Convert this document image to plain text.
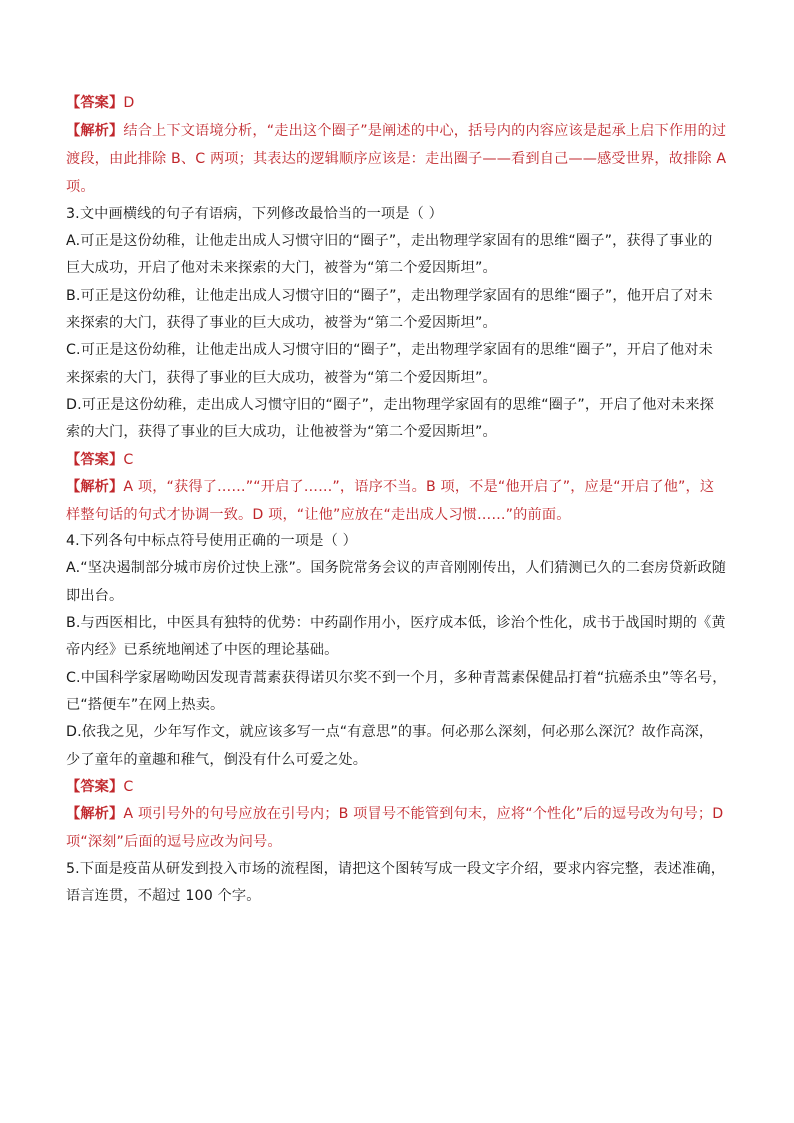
【答案】D
【解析】结合上下文语境分析，“走出这个圈子”是阐述的中心，括号内的内容应该是起承上启下作用的过
渡段，由此排除 B、C 两项；其表达的逻辑顺序应该是：走出圈子——看到自己——感受世界，故排除 A
项。
3.文中画横线的句子有语病，下列修改最恰当的一项是（ ）
A.可正是这份幼稚，让他走出成人习惯守旧的“圈子”，走出物理学家固有的思维“圈子”，获得了事业的
巨大成功，开启了他对未来探索的大门，被誉为“第二个爱因斯坦”。
B.可正是这份幼稚，让他走出成人习惯守旧的“圈子”，走出物理学家固有的思维“圈子”，他开启了对未
来探索的大门，获得了事业的巨大成功，被誉为“第二个爱因斯坦”。
C.可正是这份幼稚，让他走出成人习惯守旧的“圈子”，走出物理学家固有的思维“圈子”，开启了他对未
来探索的大门，获得了事业的巨大成功，被誉为“第二个爱因斯坦”。
D.可正是这份幼稚，走出成人习惯守旧的“圈子”，走出物理学家固有的思维“圈子”，开启了他对未来探
索的大门，获得了事业的巨大成功，让他被誉为“第二个爱因斯坦”。
【答案】C
【解析】A 项，“获得了……”“开启了……”，语序不当。B 项，不是“他开启了”，应是“开启了他”，这
样整句话的句式才协调一致。D 项，“让他”应放在“走出成人习惯……”的前面。
4.下列各句中标点符号使用正确的一项是（ ）
A.“坚决遏制部分城市房价过快上涨”。国务院常务会议的声音刚刚传出，人们猜测已久的二套房贷新政随
即出台。
B.与西医相比，中医具有独特的优势：中药副作用小，医疗成本低，诊治个性化，成书于战国时期的《黄
帝内经》已系统地阐述了中医的理论基础。
C.中国科学家屠呦呦因发现青蒿素获得诺贝尔奖不到一个月，多种青蒿素保健品打着“抗癌杀虫”等名号，
已“搭便车”在网上热卖。
D.依我之见，少年写作文，就应该多写一点“有意思”的事。何必那么深刻，何必那么深沉？故作高深，
少了童年的童趣和稚气，倒没有什么可爱之处。
【答案】C
【解析】A 项引号外的句号应放在引号内；B 项冒号不能管到句末，应将“个性化”后的逗号改为句号；D
项“深刻”后面的逗号应改为问号。
5.下面是疫苗从研发到投入市场的流程图，请把这个图转写成一段文字介绍，要求内容完整，表述准确，
语言连贯，不超过 100 个字。
